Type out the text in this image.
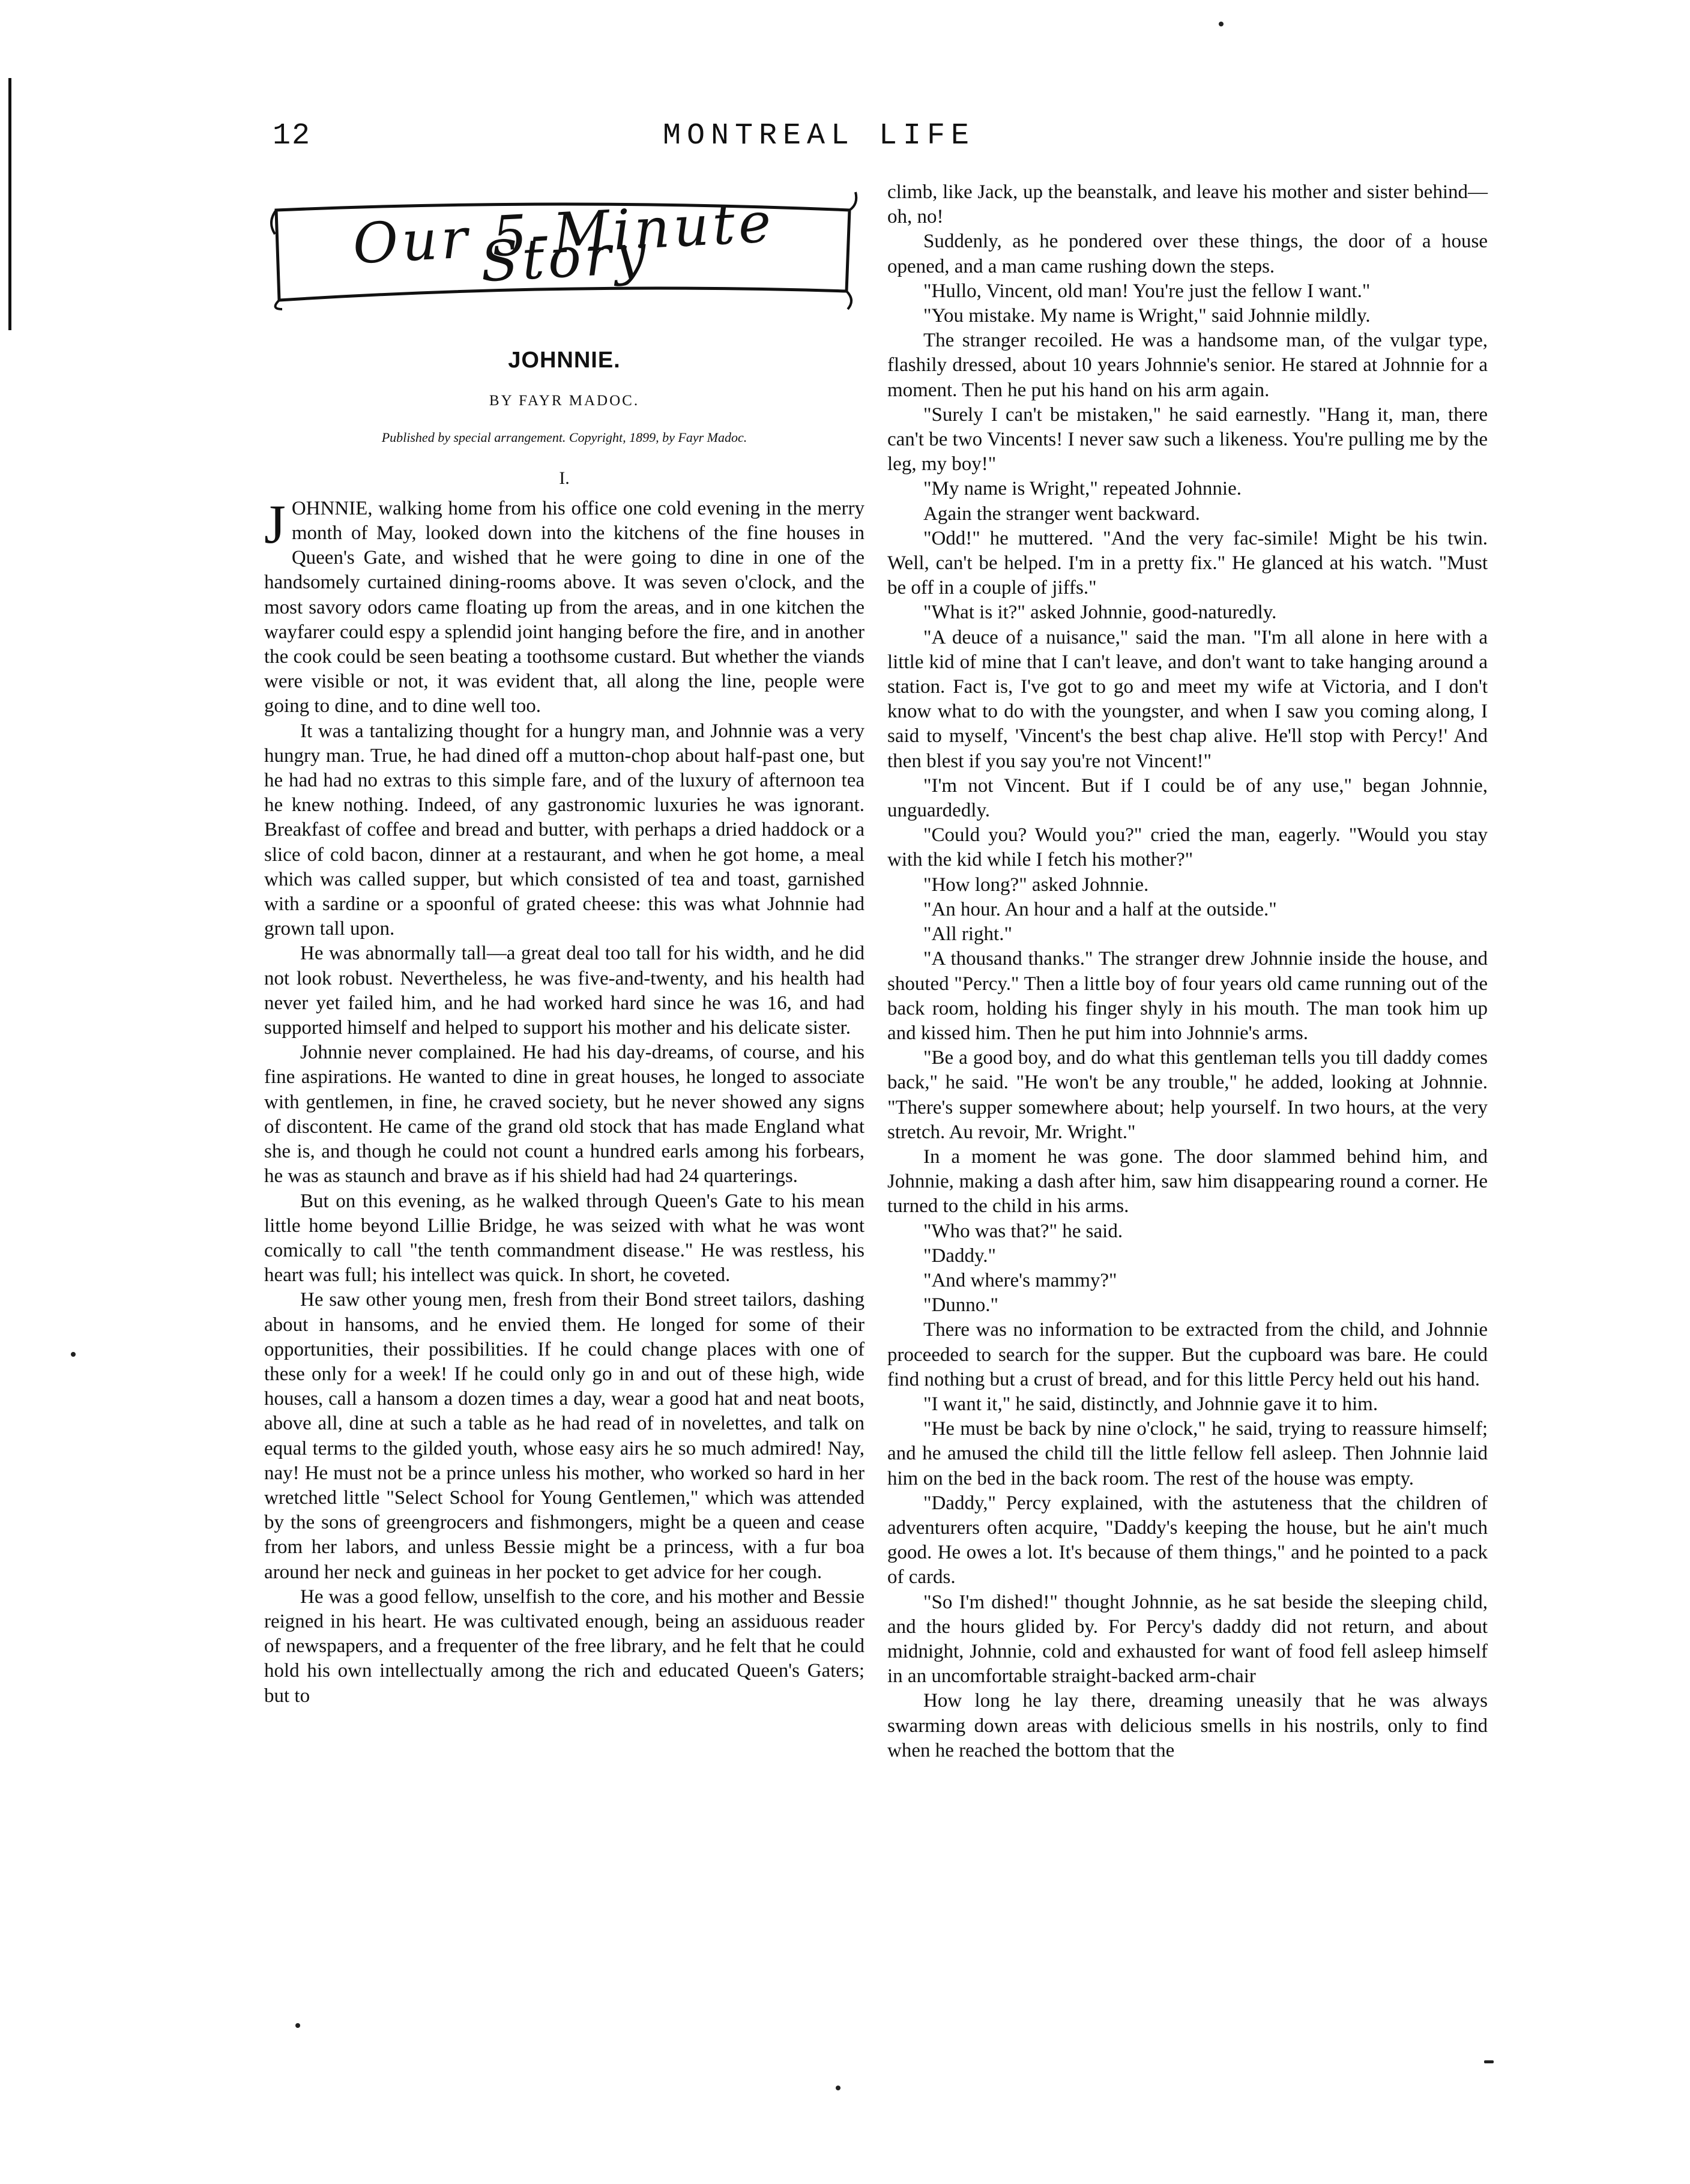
12	MONTREAL LIFE
Our 5-Minute Story
JOHNNIE.
BY FAYR MADOC.
Published by special arrangement. Copyright, 1899, by Fayr Madoc.
I.

JOHNNIE, walking home from his office one cold evening in the merry month of May, looked down into the kitchens of the fine houses in Queen's Gate, and wished that he were going to dine in one of the handsomely curtained dining-rooms above. It was seven o'clock, and the most savory odors came floating up from the areas, and in one kitchen the wayfarer could espy a splendid joint hanging before the fire, and in another the cook could be seen beating a toothsome custard. But whether the viands were visible or not, it was evident that, all along the line, people were going to dine, and to dine well too.

It was a tantalizing thought for a hungry man, and Johnnie was a very hungry man. True, he had dined off a mutton-chop about half-past one, but he had had no extras to this simple fare, and of the luxury of afternoon tea he knew nothing. Indeed, of any gastronomic luxuries he was ignorant. Breakfast of coffee and bread and butter, with perhaps a dried haddock or a slice of cold bacon, dinner at a restaurant, and when he got home, a meal which was called supper, but which consisted of tea and toast, garnished with a sardine or a spoonful of grated cheese: this was what Johnnie had grown tall upon.

He was abnormally tall—a great deal too tall for his width, and he did not look robust. Nevertheless, he was five-and-twenty, and his health had never yet failed him, and he had worked hard since he was 16, and had supported himself and helped to support his mother and his delicate sister.

Johnnie never complained. He had his day-dreams, of course, and his fine aspirations. He wanted to dine in great houses, he longed to associate with gentlemen, in fine, he craved society, but he never showed any signs of discontent. He came of the grand old stock that has made England what she is, and though he could not count a hundred earls among his forbears, he was as staunch and brave as if his shield had had 24 quarterings.

But on this evening, as he walked through Queen's Gate to his mean little home beyond Lillie Bridge, he was seized with what he was wont comically to call "the tenth commandment disease." He was restless, his heart was full; his intellect was quick. In short, he coveted.

He saw other young men, fresh from their Bond street tailors, dashing about in hansoms, and he envied them. He longed for some of their opportunities, their possibilities. If he could change places with one of these only for a week! If he could only go in and out of these high, wide houses, call a hansom a dozen times a day, wear a good hat and neat boots, above all, dine at such a table as he had read of in novelettes, and talk on equal terms to the gilded youth, whose easy airs he so much admired! Nay, nay! He must not be a prince unless his mother, who worked so hard in her wretched little "Select School for Young Gentlemen," which was attended by the sons of greengrocers and fishmongers, might be a queen and cease from her labors, and unless Bessie might be a princess, with a fur boa around her neck and guineas in her pocket to get advice for her cough.

He was a good fellow, unselfish to the core, and his mother and Bessie reigned in his heart. He was cultivated enough, being an assiduous reader of newspapers, and a frequenter of the free library, and he felt that he could hold his own intellectually among the rich and educated Queen's Gaters; but to

climb, like Jack, up the beanstalk, and leave his mother and sister behind—oh, no!

Suddenly, as he pondered over these things, the door of a house opened, and a man came rushing down the steps.

"Hullo, Vincent, old man! You're just the fellow I want."

"You mistake. My name is Wright," said Johnnie mildly.

The stranger recoiled. He was a handsome man, of the vulgar type, flashily dressed, about 10 years Johnnie's senior. He stared at Johnnie for a moment. Then he put his hand on his arm again.

"Surely I can't be mistaken," he said earnestly. "Hang it, man, there can't be two Vincents! I never saw such a likeness. You're pulling me by the leg, my boy!"

"My name is Wright," repeated Johnnie.

Again the stranger went backward.

"Odd!" he muttered. "And the very fac-simile! Might be his twin. Well, can't be helped. I'm in a pretty fix." He glanced at his watch. "Must be off in a couple of jiffs."

"What is it?" asked Johnnie, good-naturedly.

"A deuce of a nuisance," said the man. "I'm all alone in here with a little kid of mine that I can't leave, and don't want to take hanging around a station. Fact is, I've got to go and meet my wife at Victoria, and I don't know what to do with the youngster, and when I saw you coming along, I said to myself, 'Vincent's the best chap alive. He'll stop with Percy!' And then blest if you say you're not Vincent!"

"I'm not Vincent. But if I could be of any use," began Johnnie, unguardedly.

"Could you? Would you?" cried the man, eagerly. "Would you stay with the kid while I fetch his mother?"

"How long?" asked Johnnie.

"An hour. An hour and a half at the outside."

"All right."

"A thousand thanks." The stranger drew Johnnie inside the house, and shouted "Percy." Then a little boy of four years old came running out of the back room, holding his finger shyly in his mouth. The man took him up and kissed him. Then he put him into Johnnie's arms.

"Be a good boy, and do what this gentleman tells you till daddy comes back," he said. "He won't be any trouble," he added, looking at Johnnie. "There's supper somewhere about; help yourself. In two hours, at the very stretch. Au revoir, Mr. Wright."

In a moment he was gone. The door slammed behind him, and Johnnie, making a dash after him, saw him disappearing round a corner. He turned to the child in his arms.

"Who was that?" he said.

"Daddy."

"And where's mammy?"

"Dunno."

There was no information to be extracted from the child, and Johnnie proceeded to search for the supper. But the cupboard was bare. He could find nothing but a crust of bread, and for this little Percy held out his hand.

"I want it," he said, distinctly, and Johnnie gave it to him.

"He must be back by nine o'clock," he said, trying to reassure himself; and he amused the child till the little fellow fell asleep. Then Johnnie laid him on the bed in the back room. The rest of the house was empty.

"Daddy," Percy explained, with the astuteness that the children of adventurers often acquire, "Daddy's keeping the house, but he ain't much good. He owes a lot. It's because of them things," and he pointed to a pack of cards.

"So I'm dished!" thought Johnnie, as he sat beside the sleeping child, and the hours glided by. For Percy's daddy did not return, and about midnight, Johnnie, cold and exhausted for want of food fell asleep himself in an uncomfortable straight-backed arm-chair

How long he lay there, dreaming uneasily that he was always swarming down areas with delicious smells in his nostrils, only to find when he reached the bottom that the
